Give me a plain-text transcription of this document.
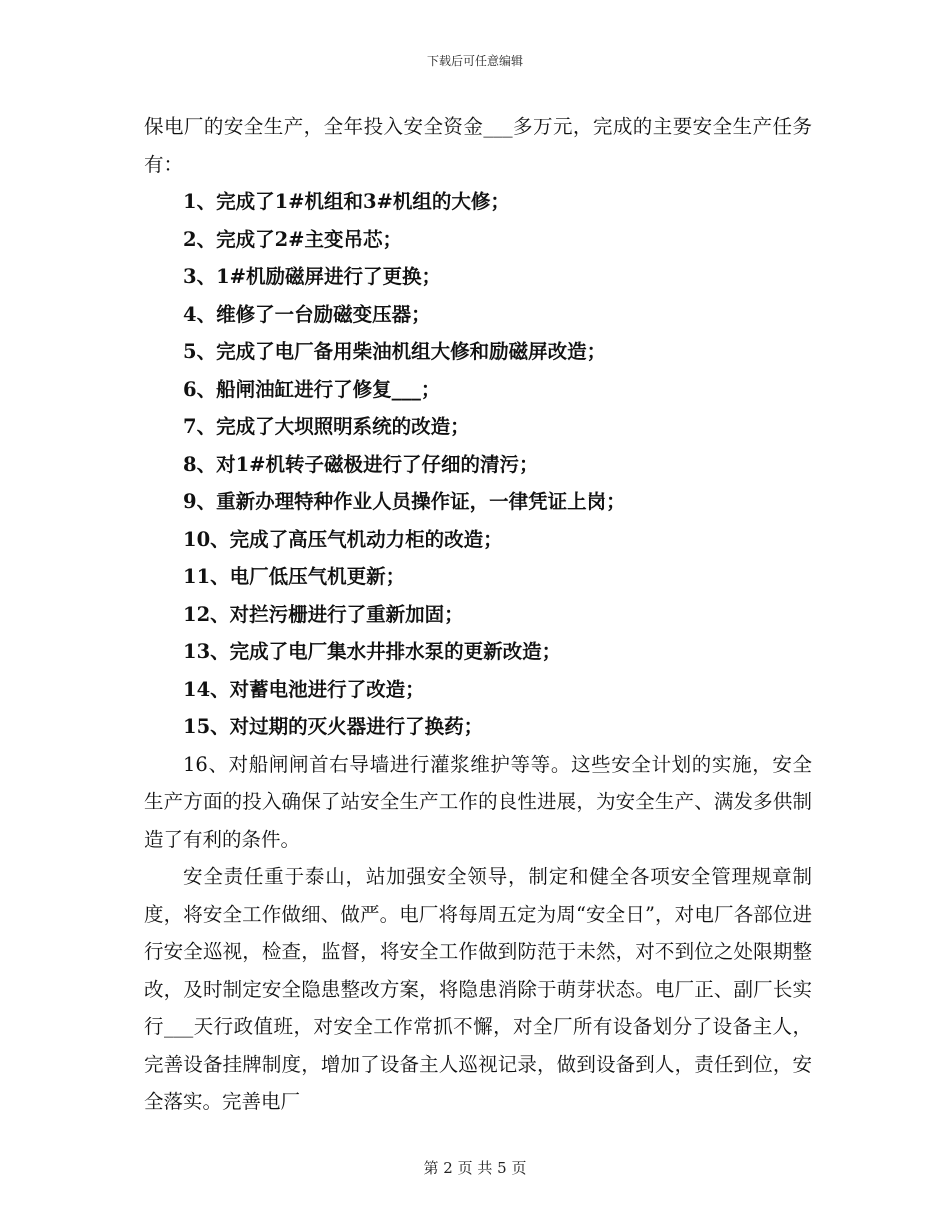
下载后可任意编辑

保电厂的安全生产，全年投入安全资金___多万元，完成的主要安全生产任务有：

1、完成了1#机组和3#机组的大修；

2、完成了2#主变吊芯；

3、1#机励磁屏进行了更换；

4、维修了一台励磁变压器；

5、完成了电厂备用柴油机组大修和励磁屏改造；

6、船闸油缸进行了修复___；

7、完成了大坝照明系统的改造；

8、对1#机转子磁极进行了仔细的清污；

9、重新办理特种作业人员操作证，一律凭证上岗；

10、完成了高压气机动力柜的改造；

11、电厂低压气机更新；

12、对拦污栅进行了重新加固；

13、完成了电厂集水井排水泵的更新改造；

14、对蓄电池进行了改造；

15、对过期的灭火器进行了换药；

16、对船闸闸首右导墙进行灌浆维护等等。这些安全计划的实施，安全生产方面的投入确保了站安全生产工作的良性进展，为安全生产、满发多供制造了有利的条件。

安全责任重于泰山，站加强安全领导，制定和健全各项安全管理规章制度，将安全工作做细、做严。电厂将每周五定为周“安全日”，对电厂各部位进行安全巡视，检查，监督，将安全工作做到防范于未然，对不到位之处限期整改，及时制定安全隐患整改方案，将隐患消除于萌芽状态。电厂正、副厂长实行___天行政值班，对安全工作常抓不懈，对全厂所有设备划分了设备主人，完善设备挂牌制度，增加了设备主人巡视记录，做到设备到人，责任到位，安全落实。完善电厂

第 2 页 共 5 页
